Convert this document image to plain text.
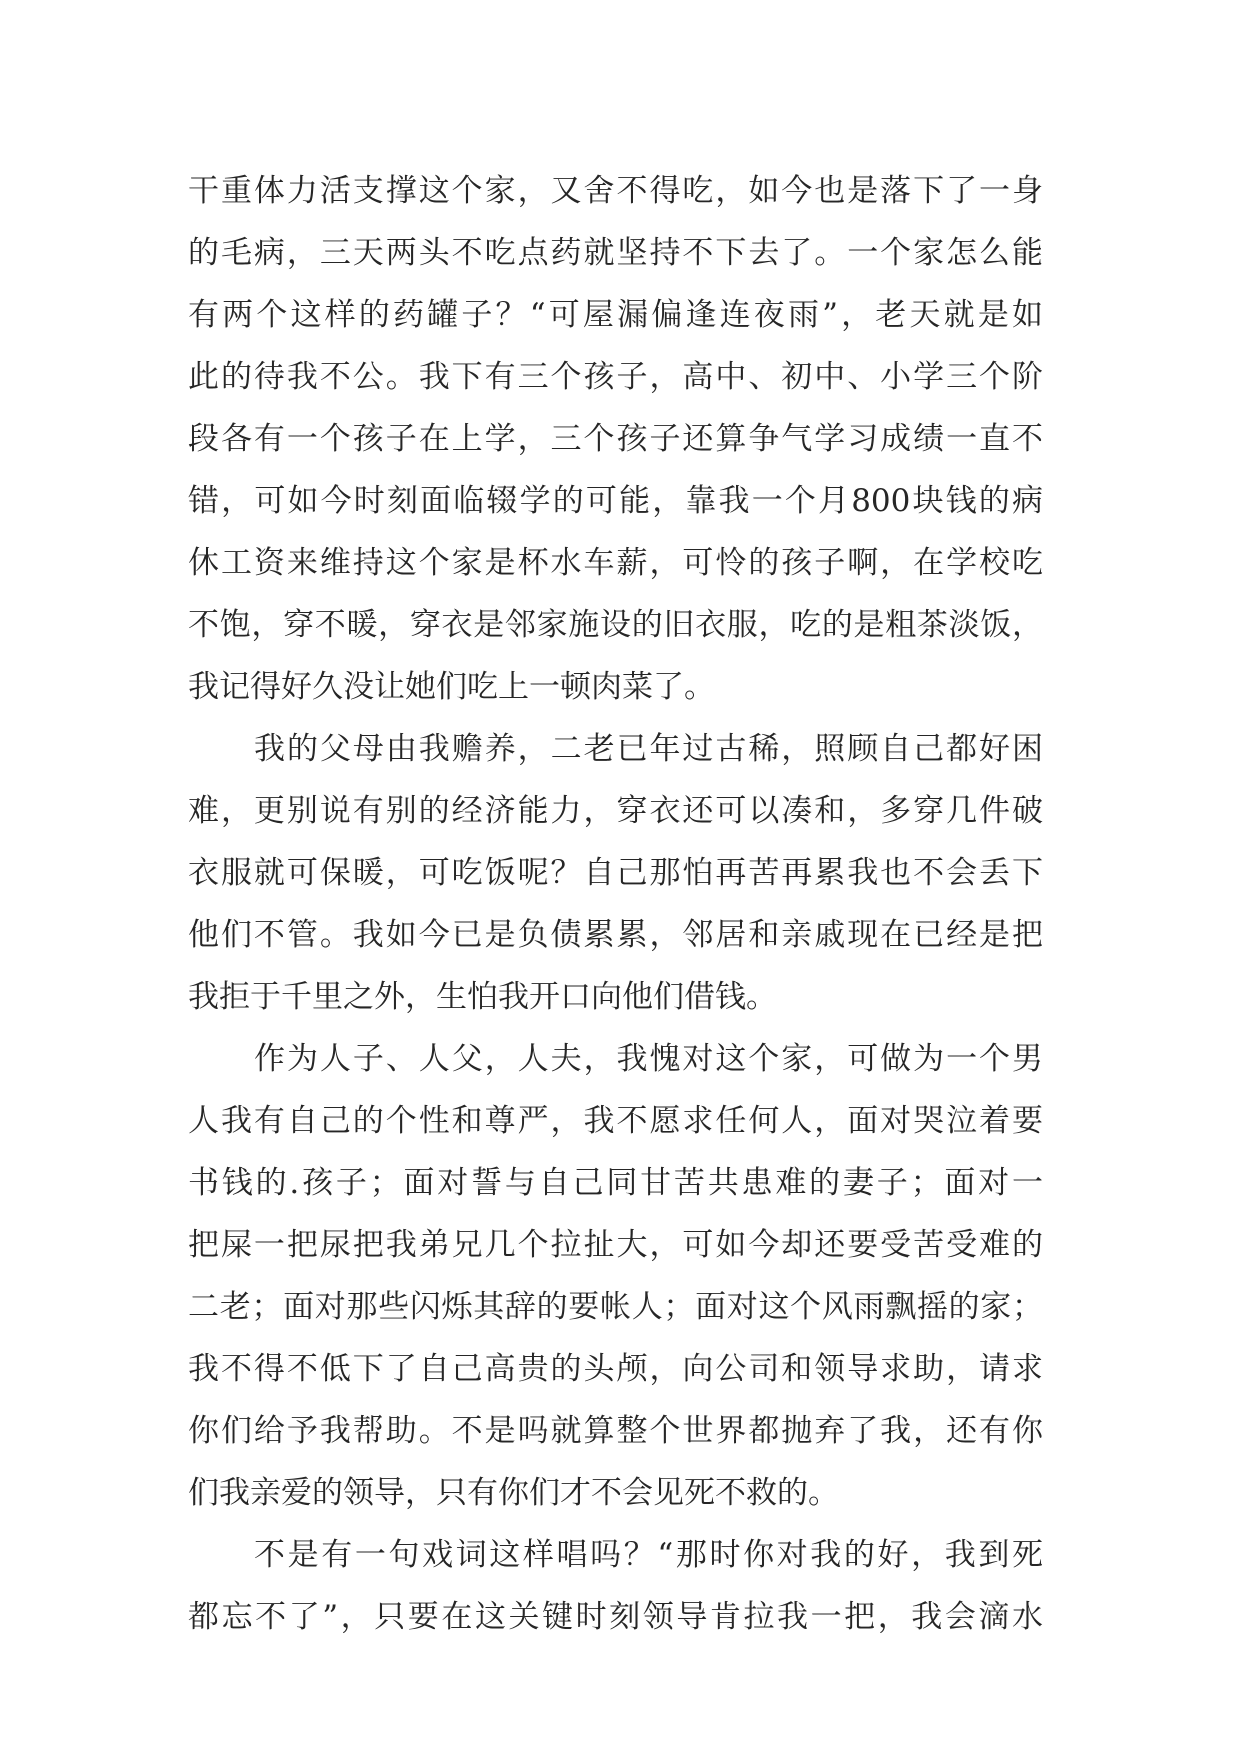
干重体力活支撑这个家，又舍不得吃，如今也是落下了一身
的毛病，三天两头不吃点药就坚持不下去了。一个家怎么能
有两个这样的药罐子？“可屋漏偏逢连夜雨”，老天就是如
此的待我不公。我下有三个孩子，高中、初中、小学三个阶
段各有一个孩子在上学，三个孩子还算争气学习成绩一直不
错，可如今时刻面临辍学的可能，靠我一个月800块钱的病
休工资来维持这个家是杯水车薪，可怜的孩子啊，在学校吃
不饱，穿不暖，穿衣是邻家施设的旧衣服，吃的是粗茶淡饭，
我记得好久没让她们吃上一顿肉菜了。
我的父母由我赡养，二老已年过古稀，照顾自己都好困
难，更别说有别的经济能力，穿衣还可以凑和，多穿几件破
衣服就可保暖，可吃饭呢？自己那怕再苦再累我也不会丢下
他们不管。我如今已是负债累累，邻居和亲戚现在已经是把
我拒于千里之外，生怕我开口向他们借钱。
作为人子、人父，人夫，我愧对这个家，可做为一个男
人我有自己的个性和尊严，我不愿求任何人，面对哭泣着要
书钱的.孩子；面对誓与自己同甘苦共患难的妻子；面对一
把屎一把尿把我弟兄几个拉扯大，可如今却还要受苦受难的
二老；面对那些闪烁其辞的要帐人；面对这个风雨飘摇的家；
我不得不低下了自己高贵的头颅，向公司和领导求助，请求
你们给予我帮助。不是吗就算整个世界都抛弃了我，还有你
们我亲爱的领导，只有你们才不会见死不救的。
不是有一句戏词这样唱吗？“那时你对我的好，我到死
都忘不了”，只要在这关键时刻领导肯拉我一把，我会滴水
